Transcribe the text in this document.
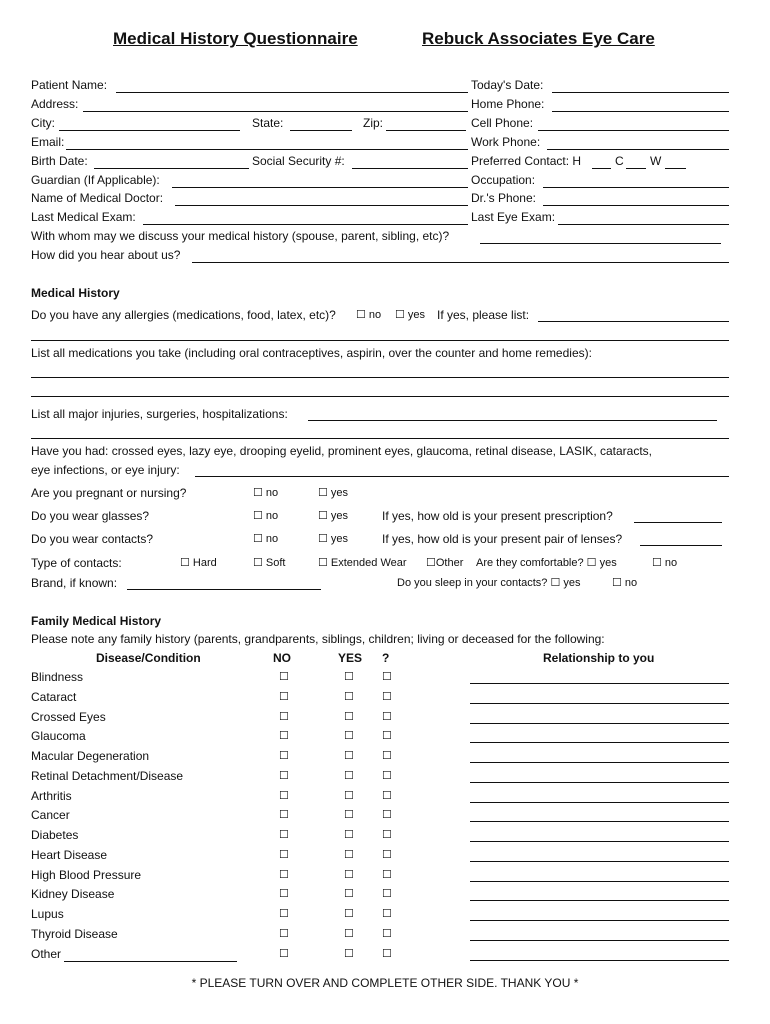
Medical History Questionnaire	Rebuck Associates Eye Care
Patient Name:	Today's Date:
Address:	Home Phone:
City:	State:	Zip:	Cell Phone:
Email:	Work Phone:
Birth Date:	Social Security #:	Preferred Contact: H	C W
Guardian (If Applicable):	Occupation:
Name of Medical Doctor:	Dr.'s Phone:
Last Medical Exam:	Last Eye Exam:
With whom may we discuss your medical history (spouse, parent, sibling, etc)?
How did you hear about us?
Medical History
Do you have any allergies (medications, food, latex, etc)? ☐ no ☐ yes If yes, please list:
List all medications you take (including oral contraceptives, aspirin, over the counter and home remedies):
List all major injuries, surgeries, hospitalizations:
Have you had: crossed eyes, lazy eye, drooping eyelid, prominent eyes, glaucoma, retinal disease, LASIK, cataracts,
eye infections, or eye injury:
Are you pregnant or nursing?	☐ no	☐ yes
Do you wear glasses?	☐ no	☐ yes	If yes, how old is your present prescription?
Do you wear contacts?	☐ no	☐ yes	If yes, how old is your present pair of lenses?
Type of contacts:	☐ Hard	☐ Soft	☐ Extended Wear ☐Other Are they comfortable? ☐ yes	☐ no
Brand, if known:	Do you sleep in your contacts? ☐ yes	☐ no
Family Medical History
Please note any family history (parents, grandparents, siblings, children; living or deceased for the following:
Disease/Condition	NO	YES ?	Relationship to you
Blindness	☐	☐	☐
Cataract	☐	☐	☐
Crossed Eyes	☐	☐	☐
Glaucoma	☐	☐	☐
Macular Degeneration	☐	☐	☐
Retinal Detachment/Disease	☐	☐	☐
Arthritis	☐	☐	☐
Cancer	☐	☐	☐
Diabetes	☐	☐	☐
Heart Disease	☐	☐	☐
High Blood Pressure	☐	☐	☐
Kidney Disease	☐	☐	☐
Lupus	☐	☐	☐
Thyroid Disease	☐	☐	☐
Other	☐	☐	☐
* PLEASE TURN OVER AND COMPLETE OTHER SIDE. THANK YOU *
